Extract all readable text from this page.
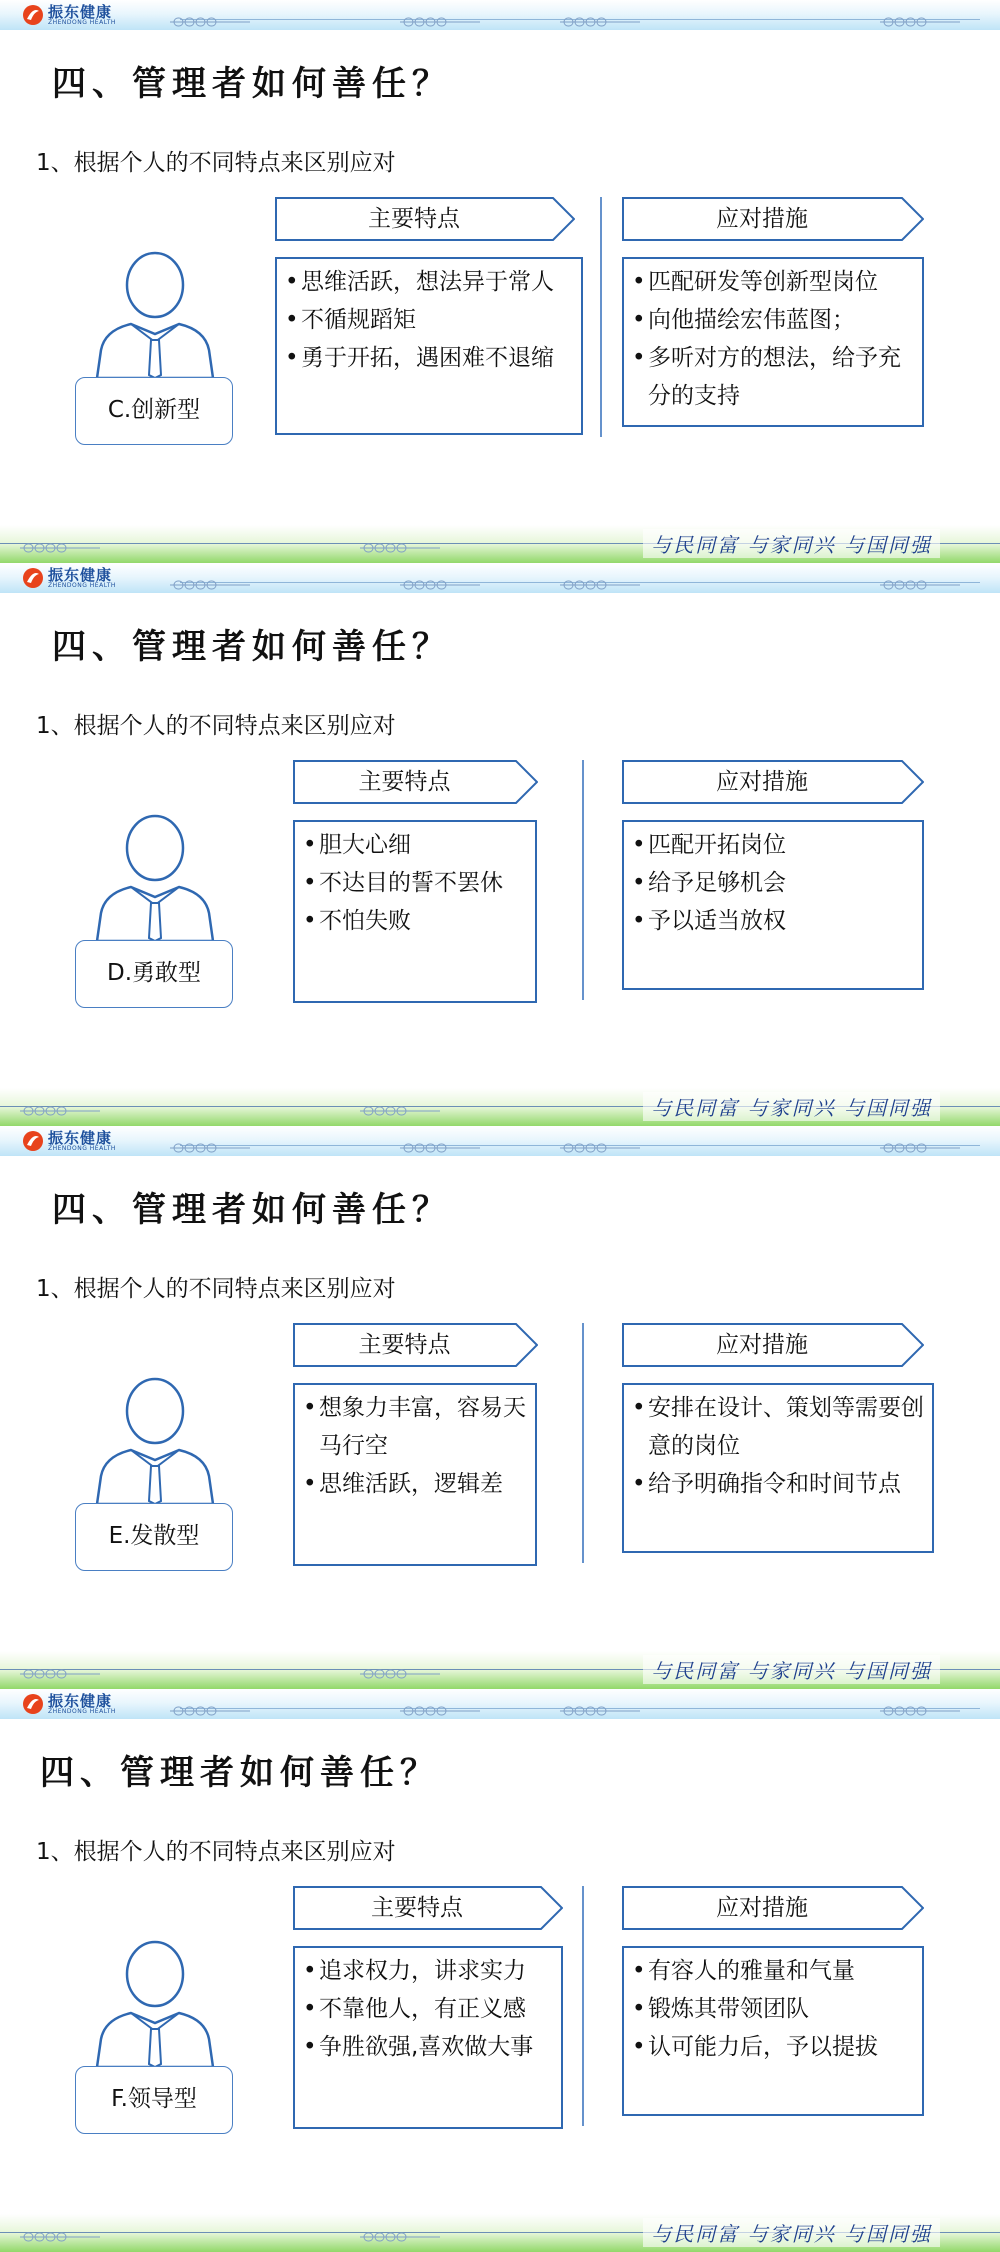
振东健康
ZHENDONG HEALTH
四、管理者如何善任？
1、根据个人的不同特点来区别应对
C.创新型
主要特点
• 思维活跃，想法异于常人
• 不循规蹈矩
• 勇于开拓，遇困难不退缩
应对措施
• 匹配研发等创新型岗位
• 向他描绘宏伟蓝图；
• 多听对方的想法，给予充分的支持
与民同富 与家同兴 与国同强
振东健康
ZHENDONG HEALTH
四、管理者如何善任？
1、根据个人的不同特点来区别应对
D.勇敢型
主要特点
• 胆大心细
• 不达目的誓不罢休
• 不怕失败
应对措施
• 匹配开拓岗位
• 给予足够机会
• 予以适当放权
与民同富 与家同兴 与国同强
振东健康
ZHENDONG HEALTH
四、管理者如何善任？
1、根据个人的不同特点来区别应对
E.发散型
主要特点
• 想象力丰富，容易天马行空
• 思维活跃，逻辑差
应对措施
• 安排在设计、策划等需要创意的岗位
• 给予明确指令和时间节点
与民同富 与家同兴 与国同强
振东健康
ZHENDONG HEALTH
四、管理者如何善任？
1、根据个人的不同特点来区别应对
F.领导型
主要特点
• 追求权力，讲求实力
• 不靠他人，有正义感
• 争胜欲强,喜欢做大事
应对措施
• 有容人的雅量和气量
• 锻炼其带领团队
• 认可能力后，予以提拔
与民同富 与家同兴 与国同强
